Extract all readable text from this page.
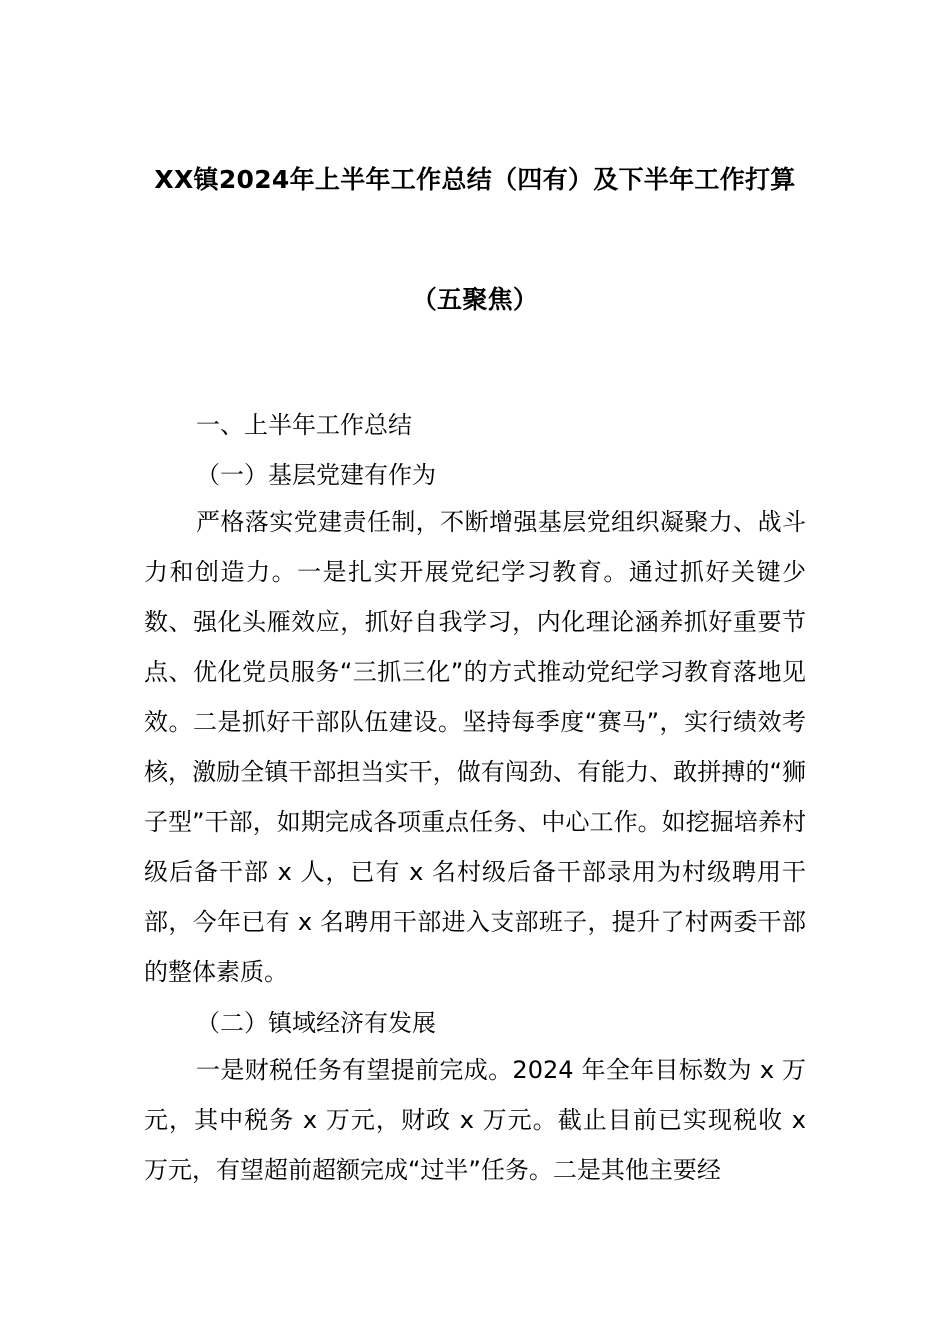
XX镇2024年上半年工作总结（四有）及下半年工作打算
（五聚焦）
一、上半年工作总结
（一）基层党建有作为
严格落实党建责任制，不断增强基层党组织凝聚力、战斗力和创造力。一是扎实开展党纪学习教育。通过抓好关键少数、强化头雁效应，抓好自我学习，内化理论涵养抓好重要节点、优化党员服务“三抓三化”的方式推动党纪学习教育落地见效。二是抓好干部队伍建设。坚持每季度“赛马”，实行绩效考核，激励全镇干部担当实干，做有闯劲、有能力、敢拼搏的“狮子型”干部，如期完成各项重点任务、中心工作。如挖掘培养村级后备干部 x 人，已有 x 名村级后备干部录用为村级聘用干部，今年已有 x 名聘用干部进入支部班子，提升了村两委干部的整体素质。
（二）镇域经济有发展
一是财税任务有望提前完成。2024 年全年目标数为 x 万元，其中税务 x 万元，财政 x 万元。截止目前已实现税收 x 万元，有望超前超额完成“过半”任务。二是其他主要经
